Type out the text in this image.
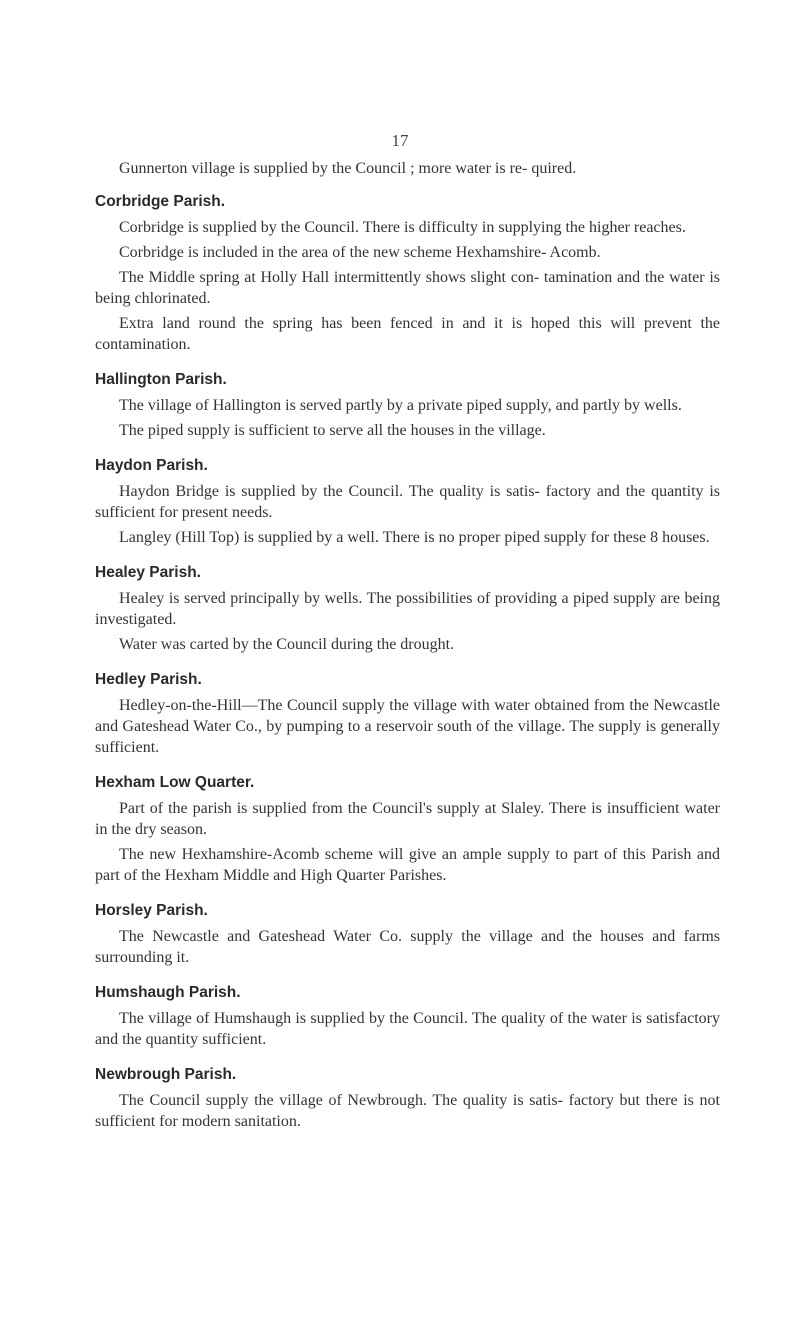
17

Gunnerton village is supplied by the Council ; more water is re- quired.

Corbridge Parish.

Corbridge is supplied by the Council. There is difficulty in supplying the higher reaches.

Corbridge is included in the area of the new scheme Hexhamshire- Acomb.

The Middle spring at Holly Hall intermittently shows slight con- tamination and the water is being chlorinated.

Extra land round the spring has been fenced in and it is hoped this will prevent the contamination.

Hallington Parish.

The village of Hallington is served partly by a private piped supply, and partly by wells.

The piped supply is sufficient to serve all the houses in the village.

Haydon Parish.

Haydon Bridge is supplied by the Council. The quality is satis- factory and the quantity is sufficient for present needs.

Langley (Hill Top) is supplied by a well. There is no proper piped supply for these 8 houses.

Healey Parish.

Healey is served principally by wells. The possibilities of providing a piped supply are being investigated.

Water was carted by the Council during the drought.

Hedley Parish.

Hedley-on-the-Hill—The Council supply the village with water obtained from the Newcastle and Gateshead Water Co., by pumping to a reservoir south of the village. The supply is generally sufficient.

Hexham Low Quarter.

Part of the parish is supplied from the Council's supply at Slaley. There is insufficient water in the dry season.

The new Hexhamshire-Acomb scheme will give an ample supply to part of this Parish and part of the Hexham Middle and High Quarter Parishes.

Horsley Parish.

The Newcastle and Gateshead Water Co. supply the village and the houses and farms surrounding it.

Humshaugh Parish.

The village of Humshaugh is supplied by the Council. The quality of the water is satisfactory and the quantity sufficient.

Newbrough Parish.

The Council supply the village of Newbrough. The quality is satis- factory but there is not sufficient for modern sanitation.
